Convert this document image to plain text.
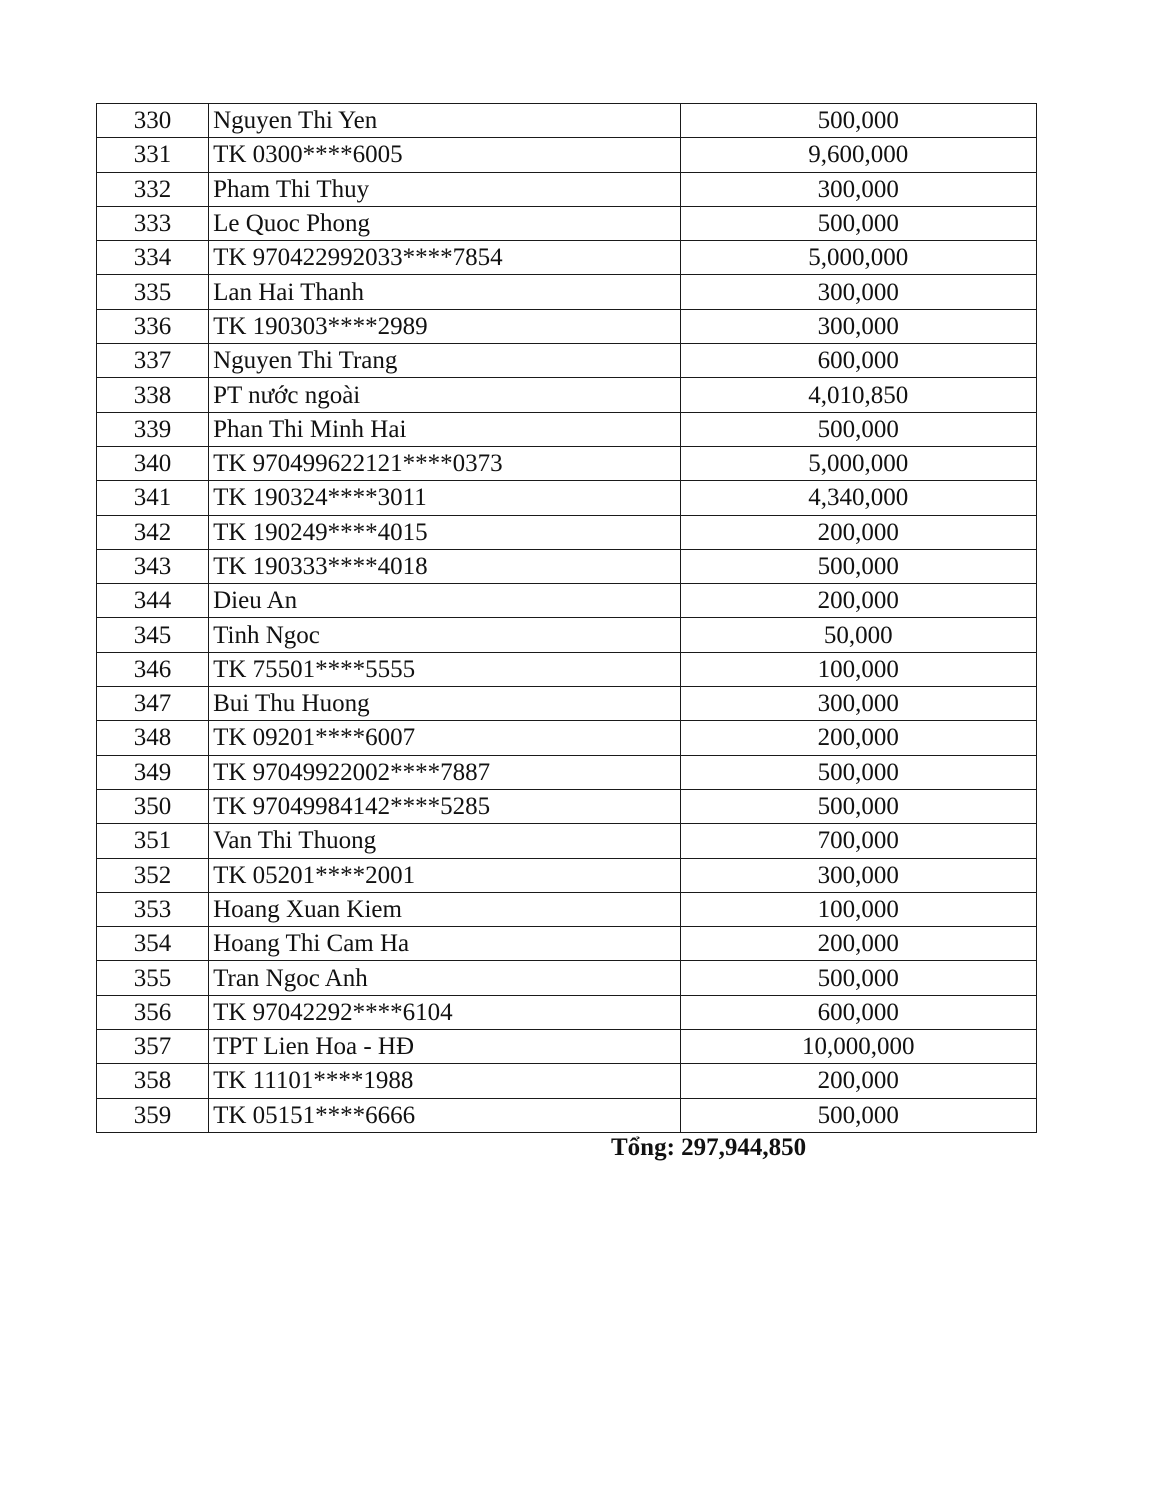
330	Nguyen Thi Yen	500,000
331	TK 0300****6005	9,600,000
332	Pham Thi Thuy	300,000
333	Le Quoc Phong	500,000
334	TK 970422992033****7854	5,000,000
335	Lan Hai Thanh	300,000
336	TK 190303****2989	300,000
337	Nguyen Thi Trang	600,000
338	PT nước ngoài	4,010,850
339	Phan Thi Minh Hai	500,000
340	TK 970499622121****0373	5,000,000
341	TK 190324****3011	4,340,000
342	TK 190249****4015	200,000
343	TK 190333****4018	500,000
344	Dieu An	200,000
345	Tinh Ngoc	50,000
346	TK 75501****5555	100,000
347	Bui Thu Huong	300,000
348	TK 09201****6007	200,000
349	TK 97049922002****7887	500,000
350	TK 97049984142****5285	500,000
351	Van Thi Thuong	700,000
352	TK 05201****2001	300,000
353	Hoang Xuan Kiem	100,000
354	Hoang Thi Cam Ha	200,000
355	Tran Ngoc Anh	500,000
356	TK 97042292****6104	600,000
357	TPT Lien Hoa - HĐ	10,000,000
358	TK 11101****1988	200,000
359	TK 05151****6666	500,000
Tổng: 297,944,850
